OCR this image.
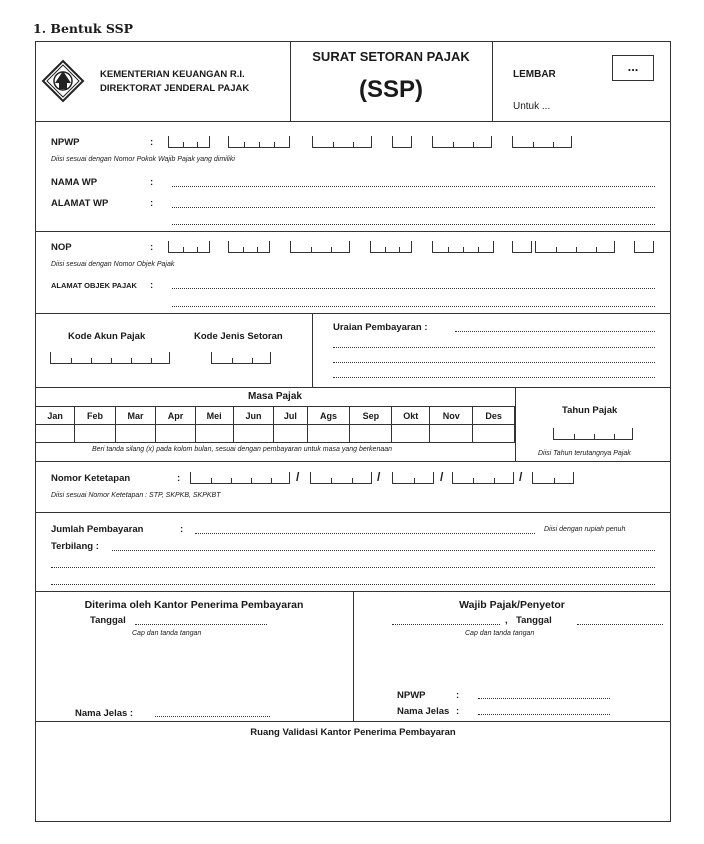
1. Bentuk SSP
KEMENTERIAN KEUANGAN R.I.
DIREKTORAT JENDERAL PAJAK
SURAT SETORAN PAJAK
(SSP)
LEMBAR
...
Untuk ...
NPWP	:
Diisi sesuai dengan Nomor Pokok Wajib Pajak yang dimiliki
NAMA WP	:
ALAMAT WP	:
NOP	:
Diisi sesuai dengan Nomor Objek Pajak
ALAMAT OBJEK PAJAK :
Kode Akun Pajak	Kode Jenis Setoran
Uraian Pembayaran :
Masa Pajak
Jan	Feb	Mar	Apr	Mei	Jun	Jul	Ags	Sep	Okt	Nov	Des

Beri tanda silang (x) pada kolom bulan, sesuai dengan pembayaran untuk masa yang berkenaan
Tahun Pajak
Diisi Tahun terutangnya Pajak
Nomor Ketetapan	:	/	/	/	/
Diisi sesuai Nomor Ketetapan : STP, SKPKB, SKPKBT
Jumlah Pembayaran	:	Diisi dengan rupiah penuh
Terbilang :
Diterima oleh Kantor Penerima Pembayaran
Tanggal
Cap dan tanda tangan
Nama Jelas :
Wajib Pajak/Penyetor
, Tanggal
Cap dan tanda tangan
NPWP	:
Nama Jelas :
Ruang Validasi Kantor Penerima Pembayaran
